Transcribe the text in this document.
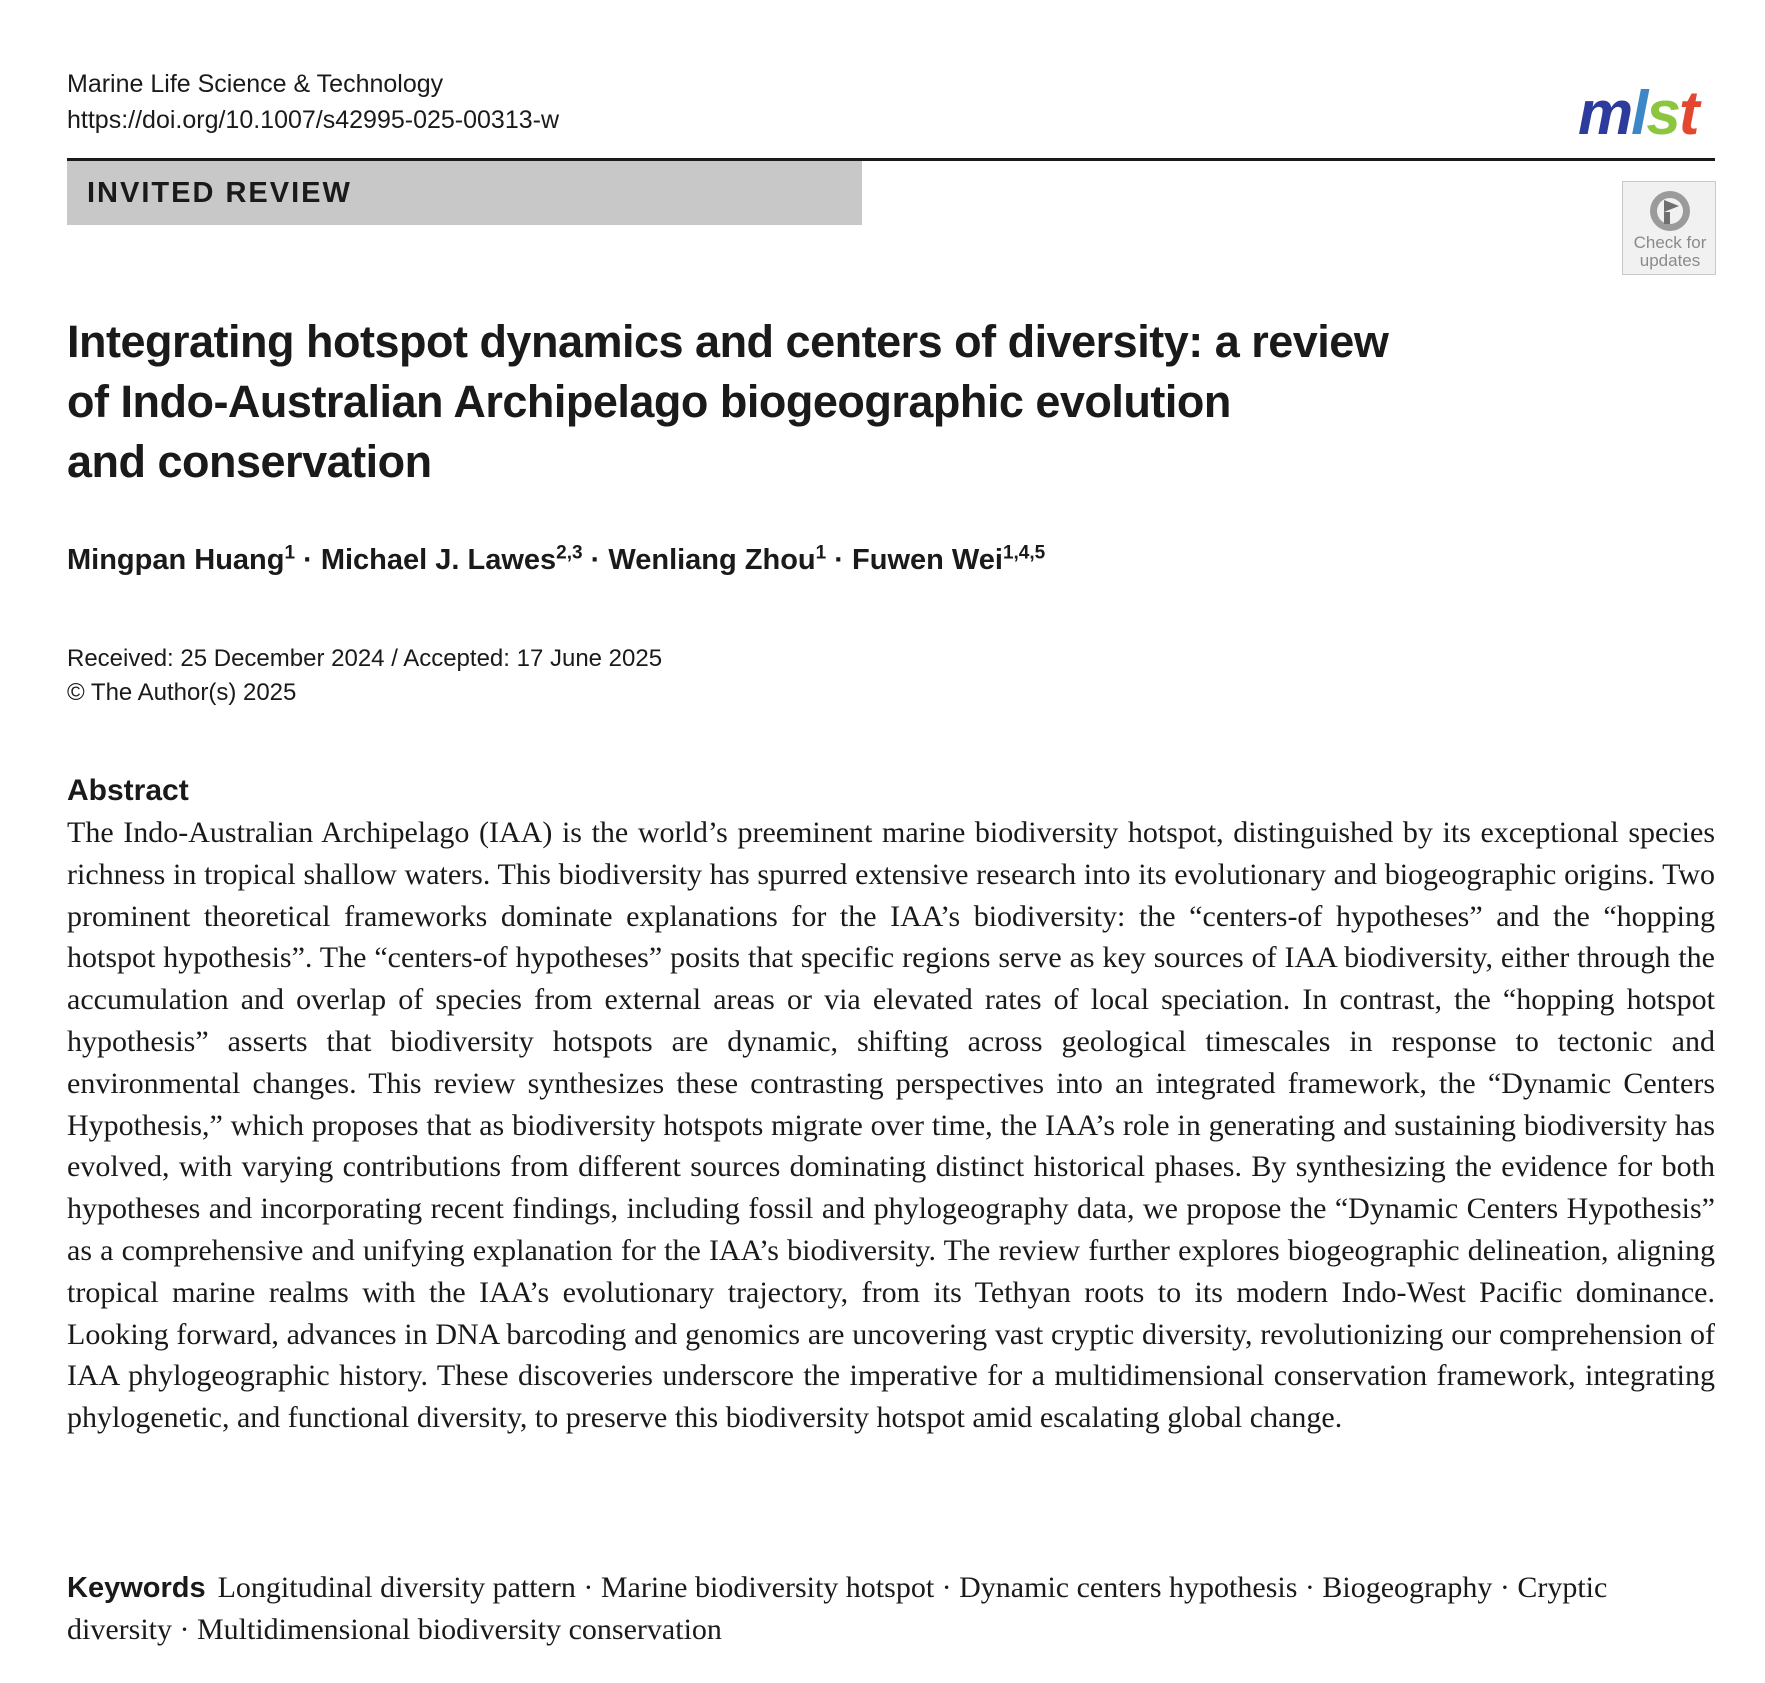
Marine Life Science & Technology
https://doi.org/10.1007/s42995-025-00313-w	mlst
INVITED REVIEW
Check for
updates
Integrating hotspot dynamics and centers of diversity: a review
of Indo-Australian Archipelago biogeographic evolution
and conservation
Mingpan Huang$^1$ · Michael J. Lawes$^{2,3}$ · Wenliang Zhou$^1$ · Fuwen Wei$^{1,4,5}$
Received: 25 December 2024 / Accepted: 17 June 2025
© The Author(s) 2025
Abstract

The Indo-Australian Archipelago (IAA) is the world’s preeminent marine biodiversity hotspot, distinguished by its exceptional species richness in tropical shallow waters. This biodiversity has spurred extensive research into its evolutionary and biogeographic origins. Two prominent theoretical frameworks dominate explanations for the IAA’s biodiversity: the “centers-of hypotheses” and the “hopping hotspot hypothesis”. The “centers-of hypotheses” posits that specific regions serve as key sources of IAA biodiversity, either through the accumulation and overlap of species from external areas or via elevated rates of local speciation. In contrast, the “hopping hotspot hypothesis” asserts that biodiversity hotspots are dynamic, shifting across geological timescales in response to tectonic and environmental changes. This review synthesizes these contrasting perspectives into an integrated framework, the “Dynamic Centers Hypothesis,” which proposes that as biodiversity hotspots migrate over time, the IAA’s role in generating and sustaining biodiversity has evolved, with varying contributions from different sources dominating distinct historical phases. By synthesizing the evidence for both hypotheses and incorporating recent findings, including fossil and phylogeography data, we propose the “Dynamic Centers Hypothesis” as a comprehensive and unifying explanation for the IAA’s biodiversity. The review further explores biogeographic delineation, aligning tropical marine realms with the IAA’s evolutionary trajectory, from its Tethyan roots to its modern Indo-West Pacific dominance. Looking forward, advances in DNA barcoding and genomics are uncovering vast cryptic diversity, revolutionizing our comprehension of IAA phylogeographic history. These discoveries underscore the imperative for a multidimensional conservation framework, integrating phylogenetic, and functional diversity, to preserve this biodiversity hotspot amid escalating global change.

Keywords Longitudinal diversity pattern · Marine biodiversity hotspot · Dynamic centers hypothesis · Biogeography · Cryptic diversity · Multidimensional biodiversity conservation
